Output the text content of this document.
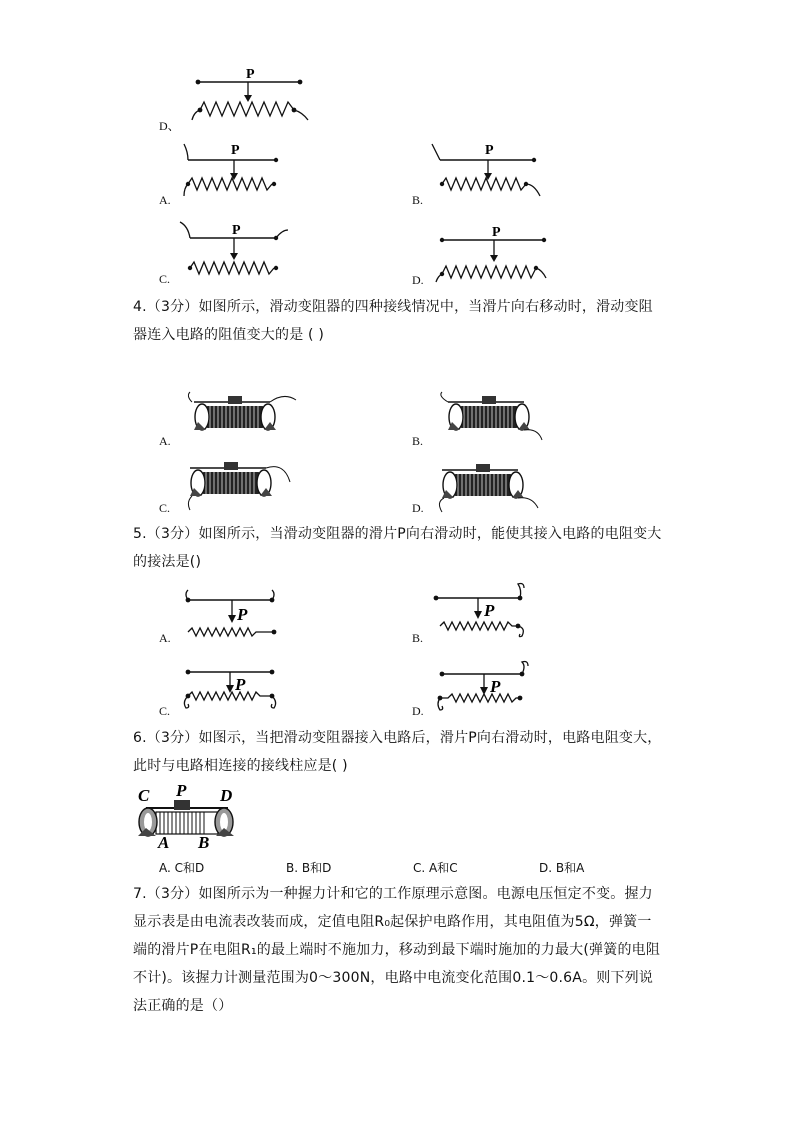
P
D、
P
A.
P
B.
P
C.
P
D.
4.（3分）如图所示，滑动变阻器的四种接线情况中，当滑片向右移动时，滑动变阻器连入电路的阻值变大的是 ( )
A.	B.
C.	D.
5.（3分）如图所示，当滑动变阻器的滑片P向右滑动时，能使其接入电路的电阻变大的接法是()
P
A.
P
B.
P
C.
P
D.
6.（3分）如图示，当把滑动变阻器接入电路后，滑片P向右滑动时，电路电阻变大，此时与电路相连接的接线柱应是( )
C P D
A B
A. C和D	B. B和D	C. A和C	D. B和A
7.（3分）如图所示为一种握力计和它的工作原理示意图。电源电压恒定不变。握力显示表是由电流表改装而成，定值电阻R₀起保护电路作用，其电阻值为5Ω，弹簧一端的滑片P在电阻R₁的最上端时不施加力，移动到最下端时施加的力最大(弹簧的电阻不计)。该握力计测量范围为0～300N，电路中电流变化范围0.1～0.6A。则下列说法正确的是（）
